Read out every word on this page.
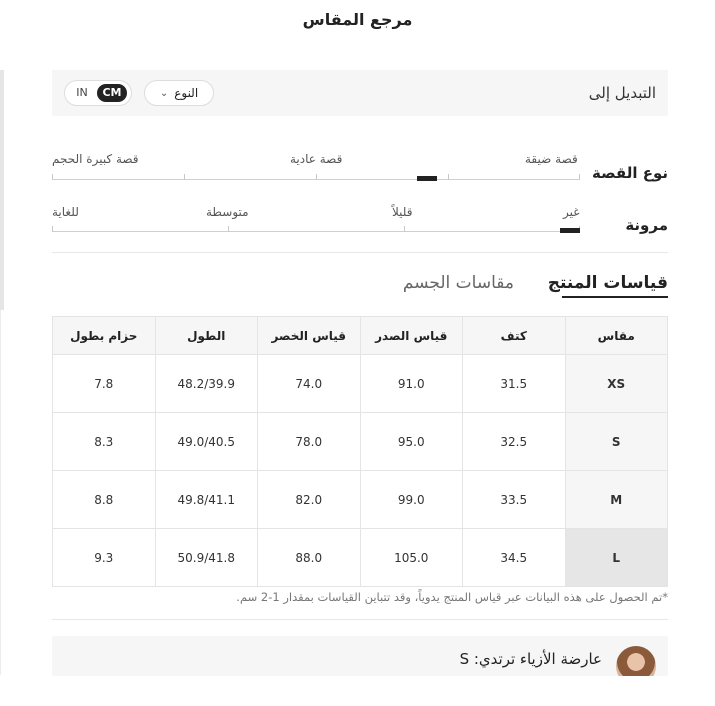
مرجع المقاس
التبديل إلى
النوع
⌄
IN	CM
نوع القصة
قصة ضيقة
قصة عادية
قصة كبيرة الحجم
مرونة
غير
قليلاً
متوسطة
للغاية
قياسات المنتج
مقاسات الجسم
مقاس	كتف	قياس الصدر	قياس الخصر	الطول	حزام بطول
XS	31.5	91.0	74.0	48.2/39.9	7.8
S	32.5	95.0	78.0	49.0/40.5	8.3
M	33.5	99.0	82.0	49.8/41.1	8.8
L	34.5	105.0	88.0	50.9/41.8	9.3
*تم الحصول على هذه البيانات عبر قياس المنتج يدوياً، وقد تتباين القياسات بمقدار 1-2 سم.
عارضة الأزياء ترتدي: S
